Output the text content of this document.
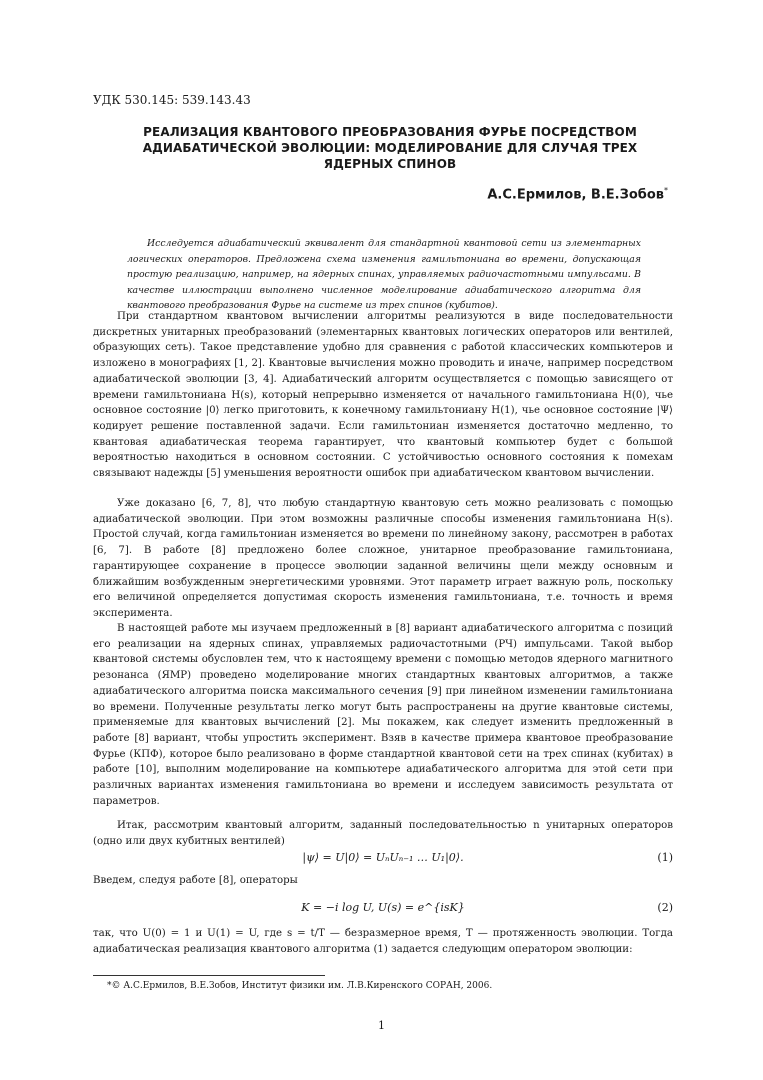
УДК 530.145: 539.143.43
РЕАЛИЗАЦИЯ КВАНТОВОГО ПРЕОБРАЗОВАНИЯ ФУРЬЕ ПОСРЕДСТВОМ АДИАБАТИЧЕСКОЙ ЭВОЛЮЦИИ: МОДЕЛИРОВАНИЕ ДЛЯ СЛУЧАЯ ТРЕХ ЯДЕРНЫХ СПИНОВ
А.С.Ермилов, В.Е.Зобов*
Исследуется адиабатический эквивалент для стандартной квантовой сети из элементарных логических операторов. Предложена схема изменения гамильтониана во времени, допускающая простую реализацию, например, на ядерных спинах, управляемых радиочастотными импульсами. В качестве иллюстрации выполнено численное моделирование адиабатического алгоритма для квантового преобразования Фурье на системе из трех спинов (кубитов).

При стандартном квантовом вычислении алгоритмы реализуются в виде последовательности дискретных унитарных преобразований (элементарных квантовых логических операторов или вентилей, образующих сеть). Такое представление удобно для сравнения с работой классических компьютеров и изложено в монографиях [1, 2]. Квантовые вычисления можно проводить и иначе, например посредством адиабатической эволюции [3, 4]. Адиабатический алгоритм осуществляется с помощью зависящего от времени гамильтониана H(s), который непрерывно изменяется от начального гамильтониана H(0), чье основное состояние |0⟩ легко приготовить, к конечному гамильтониану H(1), чье основное состояние |Ψ⟩ кодирует решение поставленной задачи. Если гамильтониан изменяется достаточно медленно, то квантовая адиабатическая теорема гарантирует, что квантовый компьютер будет с большой вероятностью находиться в основном состоянии. С устойчивостью основного состояния к помехам связывают надежды [5] уменьшения вероятности ошибок при адиабатическом квантовом вычислении.

Уже доказано [6, 7, 8], что любую стандартную квантовую сеть можно реализовать с помощью адиабатической эволюции. При этом возможны различные способы изменения гамильтониана H(s). Простой случай, когда гамильтониан изменяется во времени по линейному закону, рассмотрен в работах [6, 7]. В работе [8] предложено более сложное, унитарное преобразование гамильтониана, гарантирующее сохранение в процессе эволюции заданной величины щели между основным и ближайшим возбужденным энергетическими уровнями. Этот параметр играет важную роль, поскольку его величиной определяется допустимая скорость изменения гамильтониана, т.е. точность и время эксперимента.

В настоящей работе мы изучаем предложенный в [8] вариант адиабатического алгоритма с позиций его реализации на ядерных спинах, управляемых радиочастотными (РЧ) импульсами. Такой выбор квантовой системы обусловлен тем, что к настоящему времени с помощью методов ядерного магнитного резонанса (ЯМР) проведено моделирование многих стандартных квантовых алгоритмов, а также адиабатического алгоритма поиска максимального сечения [9] при линейном изменении гамильтониана во времени. Полученные результаты легко могут быть распространены на другие квантовые системы, применяемые для квантовых вычислений [2]. Мы покажем, как следует изменить предложенный в работе [8] вариант, чтобы упростить эксперимент. Взяв в качестве примера квантовое преобразование Фурье (КПФ), которое было реализовано в форме стандартной квантовой сети на трех спинах (кубитах) в работе [10], выполним моделирование на компьютере адиабатического алгоритма для этой сети при различных вариантах изменения гамильтониана во времени и исследуем зависимость результата от параметров.

Итак, рассмотрим квантовый алгоритм, заданный последовательностью n унитарных операторов (одно или двух кубитных вентилей)

|ψ⟩ = U|0⟩ = UₙUₙ₋₁ … U₁|0⟩.	(1)
Введем, следуя работе [8], операторы
K = −i log U, U(s) = e^{isK}	(2)

так, что U(0) = 1 и U(1) = U, где s = t/T — безразмерное время, T — протяженность эволюции. Тогда адиабатическая реализация квантового алгоритма (1) задается следующим оператором эволюции:

*© А.С.Ермилов, В.Е.Зобов, Институт физики им. Л.В.Киренского СОРАН, 2006.
1
